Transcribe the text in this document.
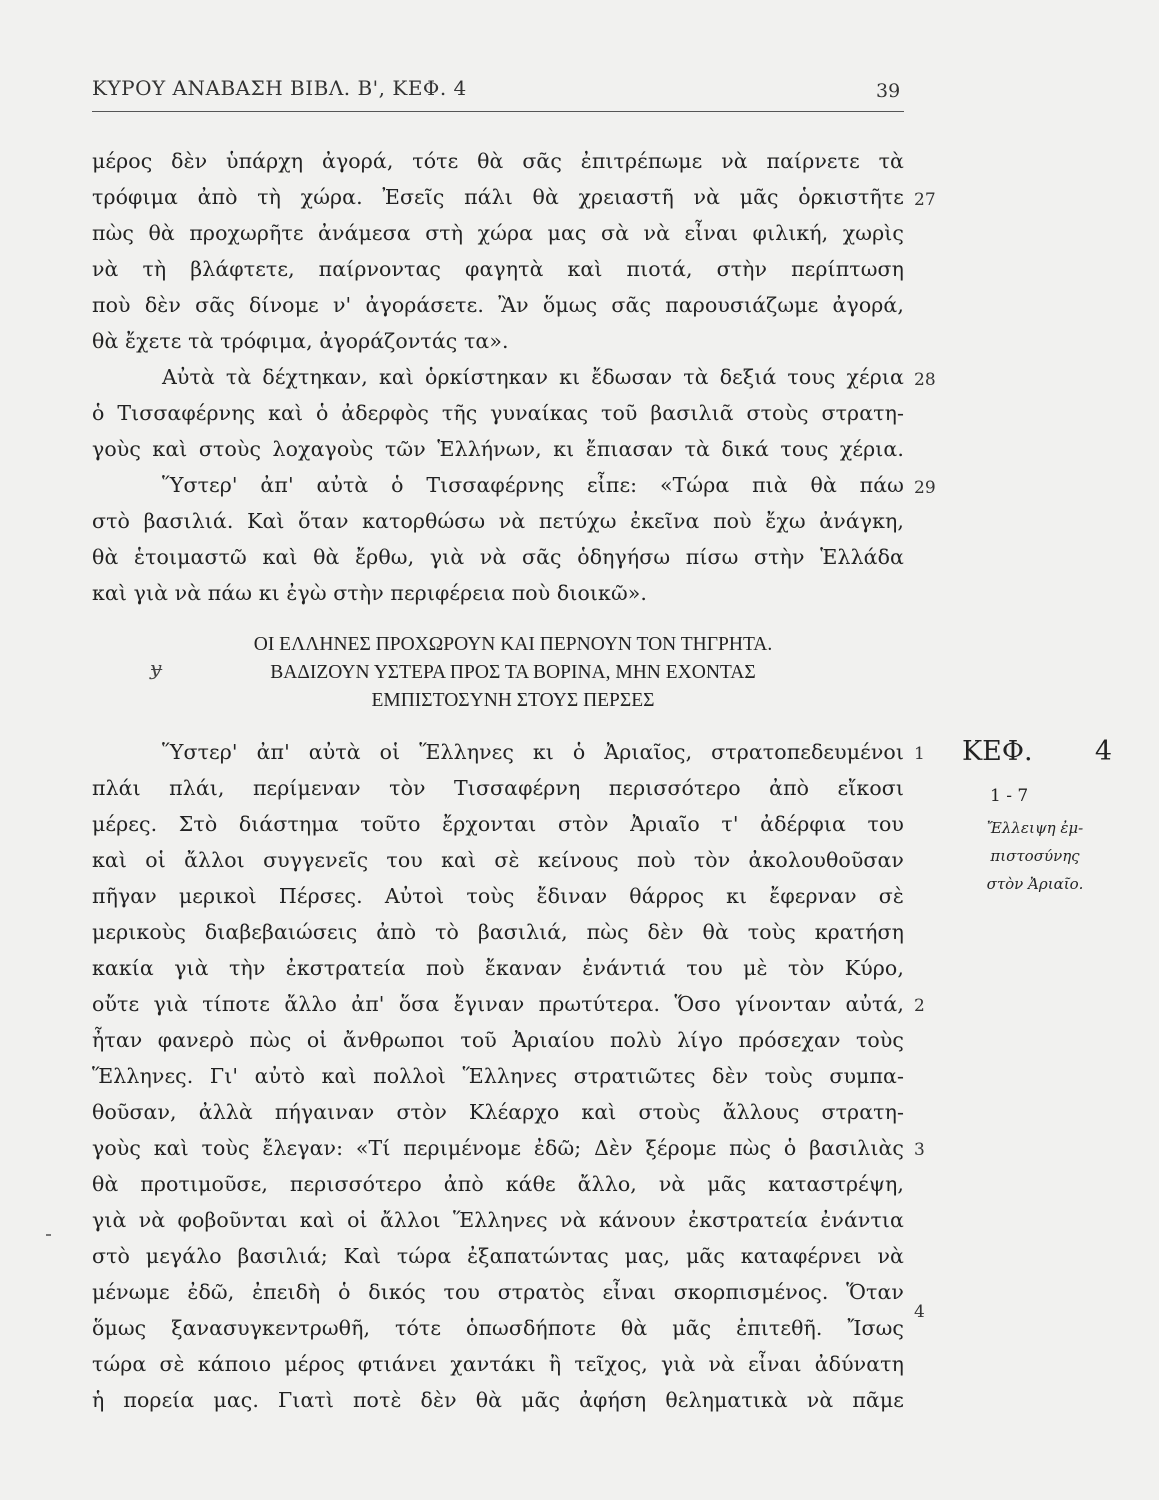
ΚΥΡΟΥ ΑΝΑΒΑΣΗ ΒΙΒΛ. Β', ΚΕΦ. 4	39
μέρος δὲν ὑπάρχη ἀγορά, τότε θὰ σᾶς ἐπιτρέπωμε νὰ παίρνετε τὰ
τρόφιμα ἀπὸ τὴ χώρα. Ἐσεῖς πάλι θὰ χρειαστῆ νὰ μᾶς ὁρκιστῆτε
πὼς θὰ προχωρῆτε ἀνάμεσα στὴ χώρα μας σὰ νὰ εἶναι φιλική, χωρὶς
νὰ τὴ βλάφτετε, παίρνοντας φαγητὰ καὶ πιοτά, στὴν περίπτωση
ποὺ δὲν σᾶς δίνομε ν' ἀγοράσετε. Ἂν ὅμως σᾶς παρουσιάζωμε ἀγορά,
θὰ ἔχετε τὰ τρόφιμα, ἀγοράζοντάς τα».
Αὐτὰ τὰ δέχτηκαν, καὶ ὁρκίστηκαν κι ἔδωσαν τὰ δεξιά τους χέρια
ὁ Τισσαφέρνης καὶ ὁ ἀδερφὸς τῆς γυναίκας τοῦ βασιλιᾶ στοὺς στρατη-
γοὺς καὶ στοὺς λοχαγοὺς τῶν Ἑλλήνων, κι ἔπιασαν τὰ δικά τους χέρια.
Ὕστερ' ἀπ' αὐτὰ ὁ Τισσαφέρνης εἶπε: «Τώρα πιὰ θὰ πάω
στὸ βασιλιά. Καὶ ὅταν κατορθώσω νὰ πετύχω ἐκεῖνα ποὺ ἔχω ἀνάγκη,
θὰ ἑτοιμαστῶ καὶ θὰ ἔρθω, γιὰ νὰ σᾶς ὁδηγήσω πίσω στὴν Ἑλλάδα
καὶ γιὰ νὰ πάω κι ἐγὼ στὴν περιφέρεια ποὺ διοικῶ».
27
28
29
ɏ
ΟΙ ΕΛΛΗΝΕΣ ΠΡΟΧΩΡΟΥΝ ΚΑΙ ΠΕΡΝΟΥΝ ΤΟΝ ΤΗΓΡΗΤΑ.
ΒΑΔΙΖΟΥΝ ΥΣΤΕΡΑ ΠΡΟΣ ΤΑ ΒΟΡΙΝΑ, ΜΗΝ ΕΧΟΝΤΑΣ
ΕΜΠΙΣΤΟΣΥΝΗ ΣΤΟΥΣ ΠΕΡΣΕΣ
Ὕστερ' ἀπ' αὐτὰ οἱ Ἕλληνες κι ὁ Ἀριαῖος, στρατοπεδευμένοι
πλάι πλάι, περίμεναν τὸν Τισσαφέρνη περισσότερο ἀπὸ εἴκοσι
μέρες. Στὸ διάστημα τοῦτο ἔρχονται στὸν Ἀριαῖο τ' ἀδέρφια του
καὶ οἱ ἄλλοι συγγενεῖς του καὶ σὲ κείνους ποὺ τὸν ἀκολουθοῦσαν
πῆγαν μερικοὶ Πέρσες. Αὐτοὶ τοὺς ἔδιναν θάρρος κι ἔφερναν σὲ
μερικοὺς διαβεβαιώσεις ἀπὸ τὸ βασιλιά, πὼς δὲν θὰ τοὺς κρατήση
κακία γιὰ τὴν ἐκστρατεία ποὺ ἔκαναν ἐνάντιά του μὲ τὸν Κύρο,
οὔτε γιὰ τίποτε ἄλλο ἀπ' ὅσα ἔγιναν πρωτύτερα. Ὅσο γίνονταν αὐτά,
ἦταν φανερὸ πὼς οἱ ἄνθρωποι τοῦ Ἀριαίου πολὺ λίγο πρόσεχαν τοὺς
Ἕλληνες. Γι' αὐτὸ καὶ πολλοὶ Ἕλληνες στρατιῶτες δὲν τοὺς συμπα-
θοῦσαν, ἀλλὰ πήγαιναν στὸν Κλέαρχο καὶ στοὺς ἄλλους στρατη-
γοὺς καὶ τοὺς ἔλεγαν: «Τί περιμένομε ἐδῶ; Δὲν ξέρομε πὼς ὁ βασιλιὰς
θὰ προτιμοῦσε, περισσότερο ἀπὸ κάθε ἄλλο, νὰ μᾶς καταστρέψη,
γιὰ νὰ φοβοῦνται καὶ οἱ ἄλλοι Ἕλληνες νὰ κάνουν ἐκστρατεία ἐνάντια
στὸ μεγάλο βασιλιά; Καὶ τώρα ἐξαπατώντας μας, μᾶς καταφέρνει νὰ
μένωμε ἐδῶ, ἐπειδὴ ὁ δικός του στρατὸς εἶναι σκορπισμένος. Ὅταν
ὅμως ξανασυγκεντρωθῆ, τότε ὁπωσδήποτε θὰ μᾶς ἐπιτεθῆ. Ἴσως
τώρα σὲ κάποιο μέρος φτιάνει χαντάκι ἢ τεῖχος, γιὰ νὰ εἶναι ἀδύνατη
ἡ πορεία μας. Γιατὶ ποτὲ δὲν θὰ μᾶς ἀφήση θεληματικὰ νὰ πᾶμε
1
2
3
4
ΚΕΦ. 4
1 - 7
Ἔλλειψη ἐμ-
πιστοσύνης
στὸν Ἀριαῖο.
